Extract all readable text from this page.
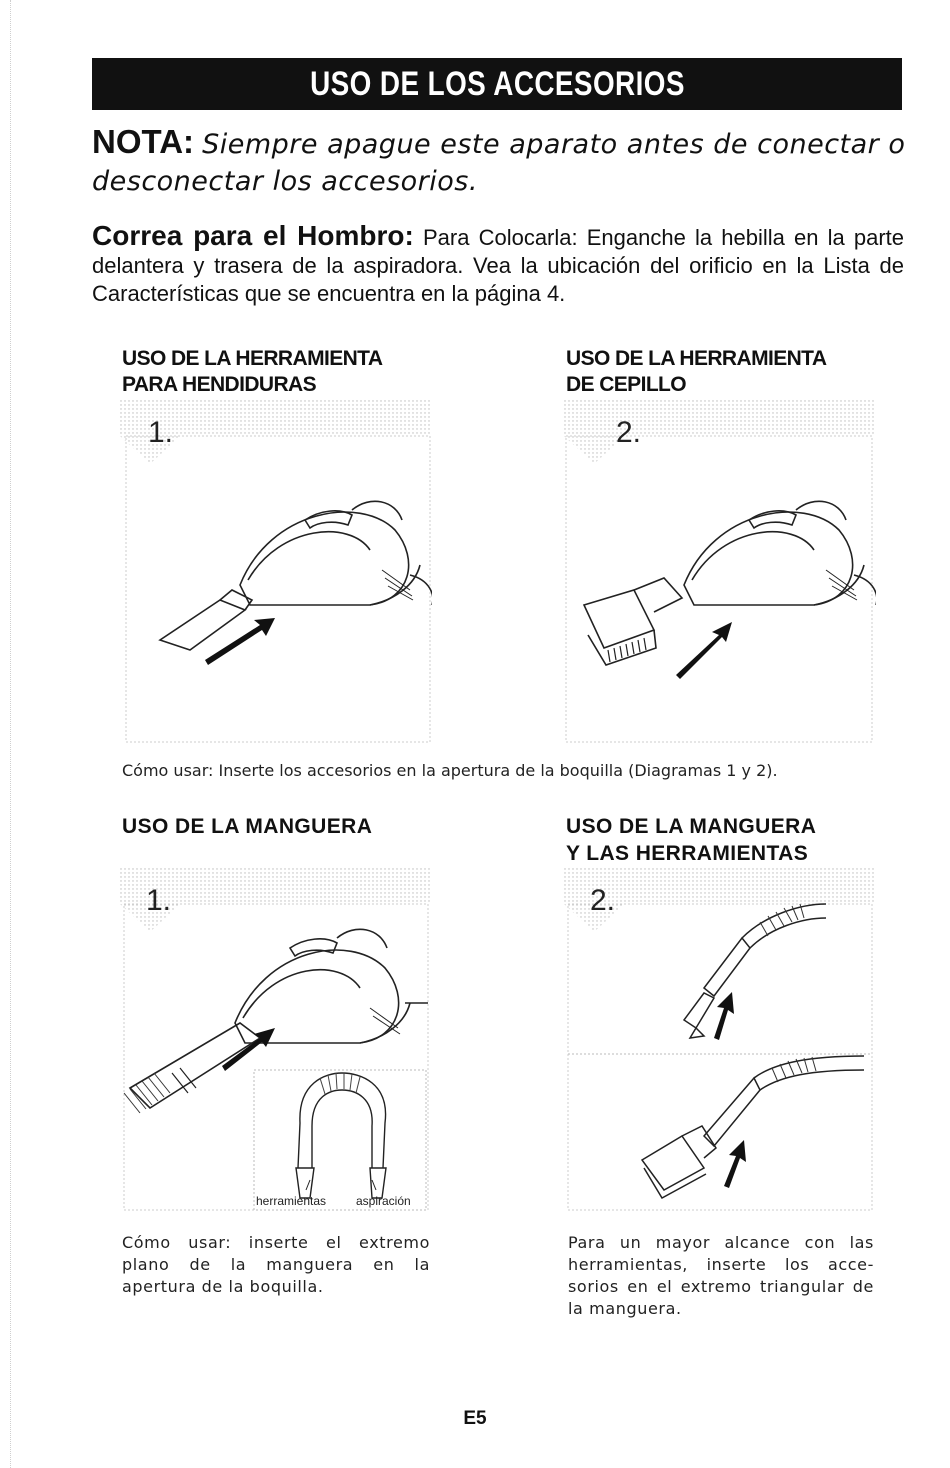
USO DE LOS ACCESORIOS
NOTA: Siempre apague este aparato antes de conectar o desconectar los accesorios.
Correa para el Hombro: Para Colocarla: Enganche la hebilla en la parte delantera y trasera de la aspiradora. Vea la ubicación del orificio en la Lista de Características que se encuentra en la página 4.
USO DE LA HERRAMIENTA
PARA HENDIDURAS
USO DE LA HERRAMIENTA
DE CEPILLO
1.	2.
Cómo usar: Inserte los accesorios en la apertura de la boquilla (Diagramas 1 y 2).
USO DE LA MANGUERA	USO DE LA MANGUERA
Y LAS HERRAMIENTAS
1.
herramientas aspiración
2.
Cómo usar: inserte el extremo plano de la manguera en la apertura de la boquilla.
Para un mayor alcance con las herramientas, inserte los acce-sorios en el extremo triangular de la manguera.
E5
